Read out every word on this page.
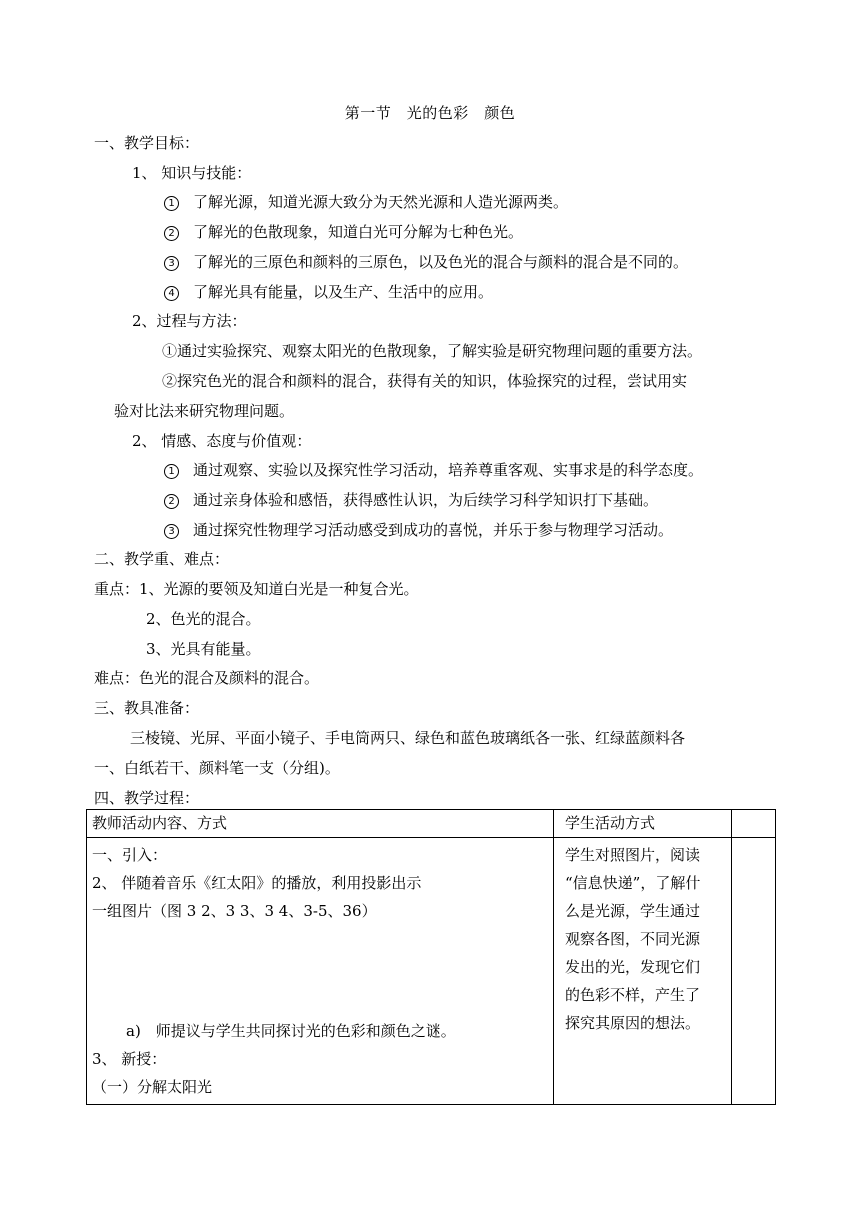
第一节　光的色彩　颜色
一、教学目标：
1、 知识与技能：
1 了解光源，知道光源大致分为天然光源和人造光源两类。
2 了解光的色散现象，知道白光可分解为七种色光。
3 了解光的三原色和颜料的三原色，以及色光的混合与颜料的混合是不同的。
4 了解光具有能量，以及生产、生活中的应用。
2、过程与方法：
①通过实验探究、观察太阳光的色散现象，了解实验是研究物理问题的重要方法。
②探究色光的混合和颜料的混合，获得有关的知识，体验探究的过程，尝试用实
验对比法来研究物理问题。
2、 情感、态度与价值观：
1 通过观察、实验以及探究性学习活动，培养尊重客观、实事求是的科学态度。
2 通过亲身体验和感悟，获得感性认识，为后续学习科学知识打下基础。
3 通过探究性物理学习活动感受到成功的喜悦，并乐于参与物理学习活动。
二、教学重、难点：
重点：1、光源的要领及知道白光是一种复合光。
2、色光的混合。
3、光具有能量。
难点：色光的混合及颜料的混合。
三、教具准备：
三棱镜、光屏、平面小镜子、手电筒两只、绿色和蓝色玻璃纸各一张、红绿蓝颜料各
一、白纸若干、颜料笔一支（分组)。
四、教学过程：
教师活动内容、方式	学生活动方式
一、引入：
2、 伴随着音乐《红太阳》的播放，利用投影出示
一组图片（图 3 2、3 3、3 4、3-5、36）
a)　师提议与学生共同探讨光的色彩和颜色之谜。
3、 新授：
（一）分解太阳光
学生对照图片，阅读
“信息快递”，了解什
么是光源，学生通过
观察各图，不同光源
发出的光，发现它们
的色彩不样，产生了
探究其原因的想法。
